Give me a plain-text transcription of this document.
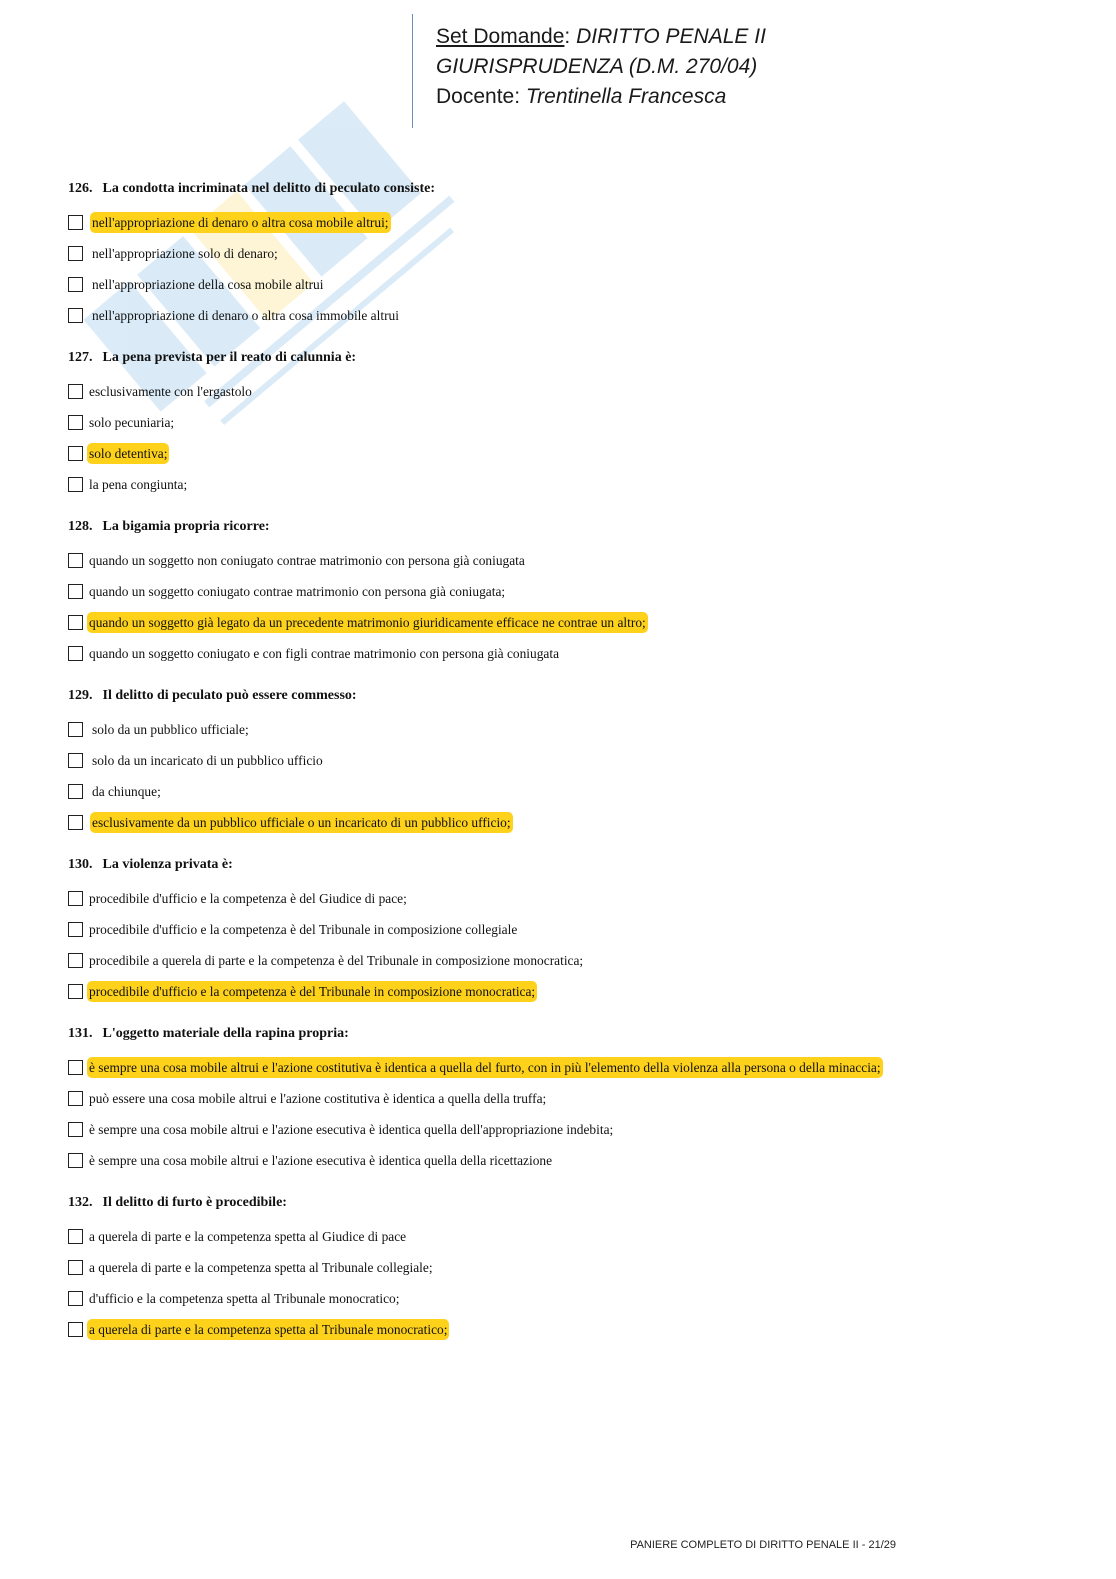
Set Domande: DIRITTO PENALE II
GIURISPRUDENZA (D.M. 270/04)
Docente: Trentinella Francesca
126. La condotta incriminata nel delitto di peculato consiste:
nell'appropriazione di denaro o altra cosa mobile altrui;
nell'appropriazione solo di denaro;
nell'appropriazione della cosa mobile altrui
nell'appropriazione di denaro o altra cosa immobile altrui
127. La pena prevista per il reato di calunnia è:
esclusivamente con l'ergastolo
solo pecuniaria;
solo detentiva;
la pena congiunta;
128. La bigamia propria ricorre:
quando un soggetto non coniugato contrae matrimonio con persona già coniugata
quando un soggetto coniugato contrae matrimonio con persona già coniugata;
quando un soggetto già legato da un precedente matrimonio giuridicamente efficace ne contrae un altro;
quando un soggetto coniugato e con figli contrae matrimonio con persona già coniugata
129. Il delitto di peculato può essere commesso:
solo da un pubblico ufficiale;
solo da un incaricato di un pubblico ufficio
da chiunque;
esclusivamente da un pubblico ufficiale o un incaricato di un pubblico ufficio;
130. La violenza privata è:
procedibile d'ufficio e la competenza è del Giudice di pace;
procedibile d'ufficio e la competenza è del Tribunale in composizione collegiale
procedibile a querela di parte e la competenza è del Tribunale in composizione monocratica;
procedibile d'ufficio e la competenza è del Tribunale in composizione monocratica;
131. L'oggetto materiale della rapina propria:
è sempre una cosa mobile altrui e l'azione costitutiva è identica a quella del furto, con in più l'elemento della violenza alla persona o della minaccia;
può essere una cosa mobile altrui e l'azione costitutiva è identica a quella della truffa;
è sempre una cosa mobile altrui e l'azione esecutiva è identica quella dell'appropriazione indebita;
è sempre una cosa mobile altrui e l'azione esecutiva è identica quella della ricettazione
132. Il delitto di furto è procedibile:
a querela di parte e la competenza spetta al Giudice di pace
a querela di parte e la competenza spetta al Tribunale collegiale;
d'ufficio e la competenza spetta al Tribunale monocratico;
a querela di parte e la competenza spetta al Tribunale monocratico;
PANIERE COMPLETO DI DIRITTO PENALE II - 21/29
